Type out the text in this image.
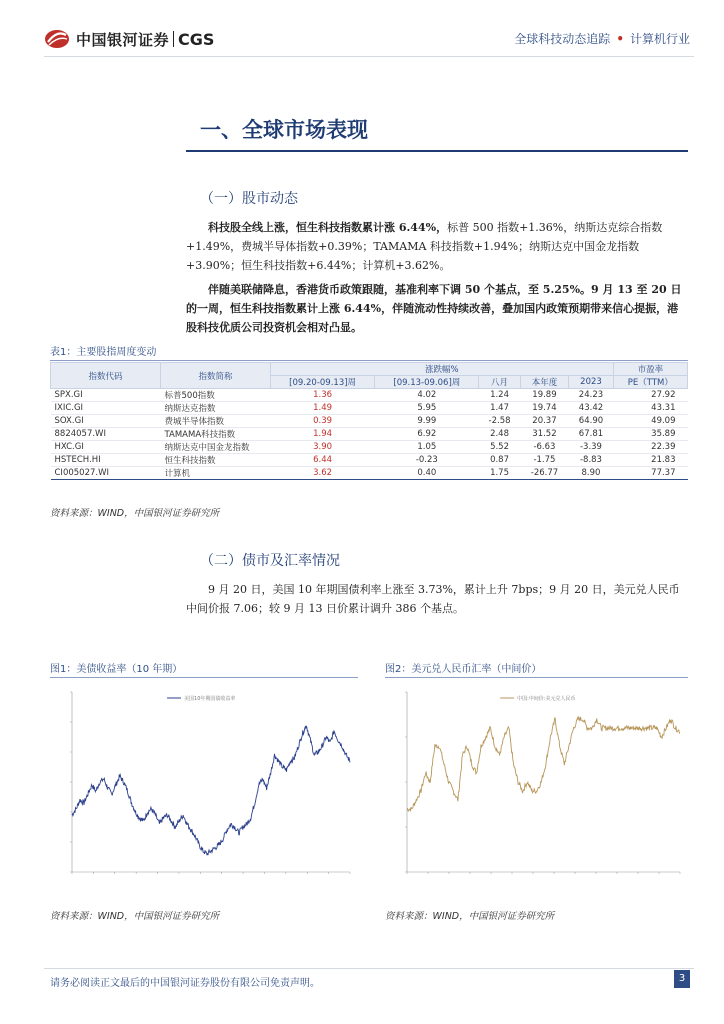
中国银河证券 CGS	全球科技动态追踪 • 计算机行业
一、全球市场表现
（一）股市动态
科技股全线上涨，恒生科技指数累计涨 6.44%，标普 500 指数+1.36%，纳斯达克综合指数+1.49%，费城半导体指数+0.39%；TAMAMA 科技指数+1.94%；纳斯达克中国金龙指数+3.90%；恒生科技指数+6.44%；计算机+3.62%。
伴随美联储降息，香港货币政策跟随，基准利率下调 50 个基点，至 5.25%。9 月 13 至 20 日的一周，恒生科技指数累计上涨 6.44%，伴随流动性持续改善，叠加国内政策预期带来信心提振，港股科技优质公司投资机会相对凸显。
表1：主要股指周度变动
指数代码	指数简称	涨跌幅%					市盈率
		[09.20-09.13]周	[09.13-09.06]周	八月	本年度	2023	PE（TTM）
SPX.GI	标普500指数	1.36	4.02	1.24	19.89	24.23	27.92
IXIC.GI	纳斯达克指数	1.49	5.95	1.47	19.74	43.42	43.31
SOX.GI	费城半导体指数	0.39	9.99	-2.58	20.37	64.90	49.09
8824057.WI	TAMAMA科技指数	1.94	6.92	2.48	31.52	67.81	35.89
HXC.GI	纳斯达克中国金龙指数	3.90	1.05	5.52	-6.63	-3.39	22.39
HSTECH.HI	恒生科技指数	6.44	-0.23	0.87	-1.75	-8.83	21.83
CI005027.WI	计算机	3.62	0.40	1.75	-26.77	8.90	77.37
资料来源：WIND，中国银河证券研究所
（二）债市及汇率情况
9 月 20 日，美国 10 年期国债利率上涨至 3.73%，累计上升 7bps；9 月 20 日，美元兑人民币中间价报 7.06；较 9 月 13 日价累计调升 386 个基点。
图1：美债收益率（10 年期）
美国10年期国债收益率
资料来源：WIND，中国银河证券研究所
图2：美元兑人民币汇率（中间价）
中国:中间价:美元兑人民币
资料来源：WIND，中国银河证券研究所
请务必阅读正文最后的中国银河证券股份有限公司免责声明。	3
